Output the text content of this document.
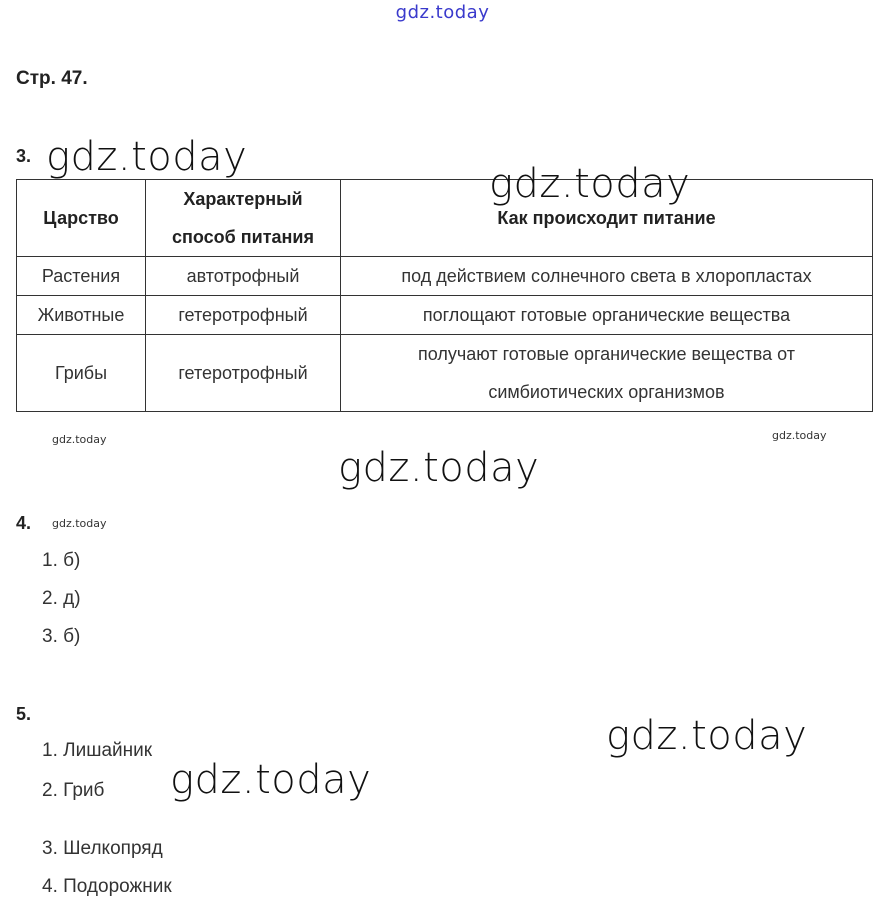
gdz.today
Стр. 47.
3. gdz.today
Царство	Характерный способ питания	Как происходит питание
Растения	автотрофный	под действием солнечного света в хлоропластах
Животные	гетеротрофный	поглощают готовые органические вещества
Грибы	гетеротрофный	получают готовые органические вещества от симбиотических организмов
gdz.today
gdz.today	gdz.today
gdz.today
4. gdz.today
1. б)
2. д)
3. б)
5.	gdz.today
1. Лишайник
2. Гриб
3. Шелкопряд
4. Подорожник
gdz.today
